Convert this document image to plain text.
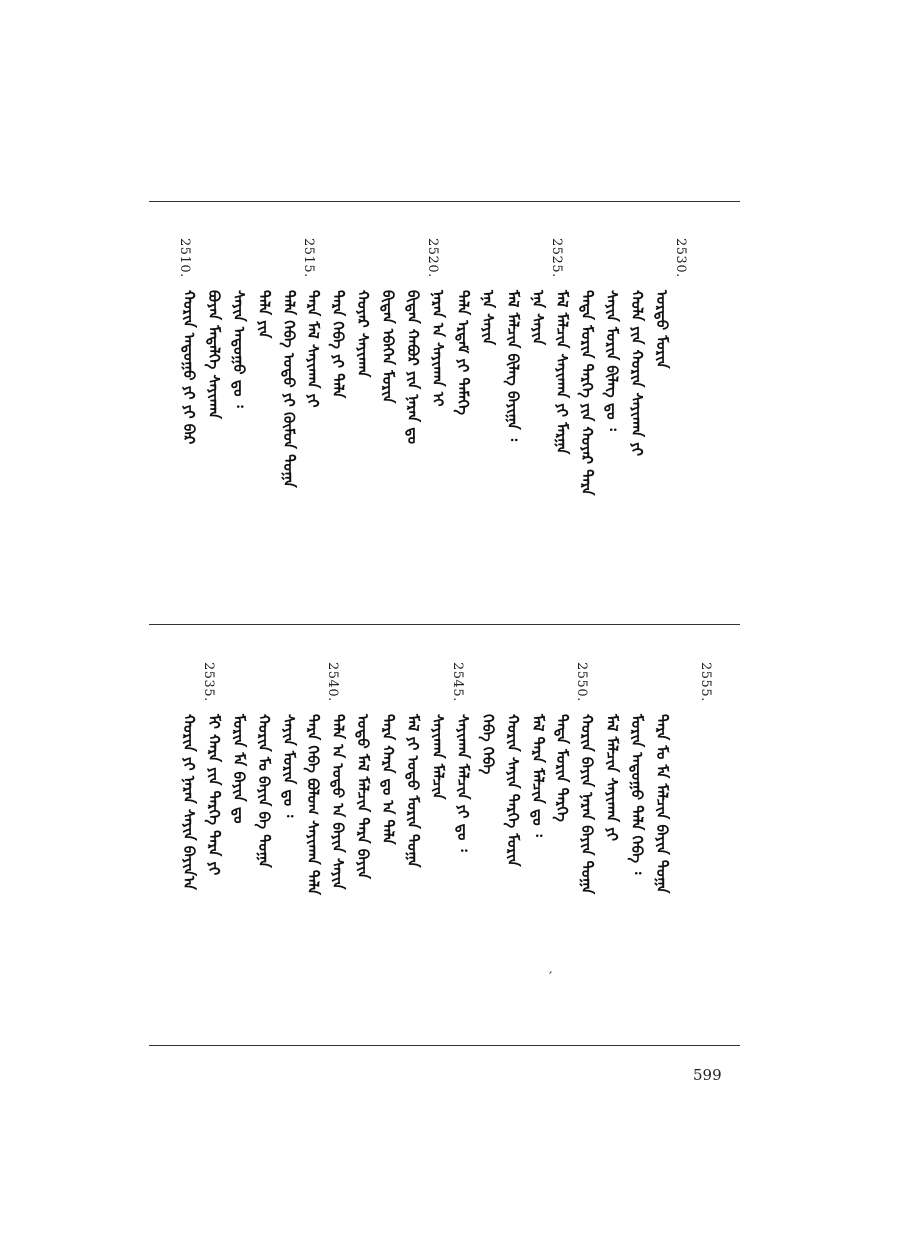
2510.	2515.	2520.	2525.	2530.
ᠬᠣᠷᠢᠨ ᠠᠳᠤᠭᠤ ᠶᠢ ᠶᠢ ᠪᠠᠷ ᠪᠣᠶᠠᠨ ᠮᠡᠳᠡᠯᠭᠡ ᠰᠠᠶᠢᠬᠠᠨ ᠰᠠᠶᠢᠨ ᠠᠳᠤᠭᠤ ᠳᠤ ᠄ ᠲᠠᠯᠠ ᠶᠢᠨ ᠲᠠᠯᠠ ᠬᠡᠪᠡ ᠣᠳᠣ ᠶᠢ ᠬᠦᠮᠦᠨ ᠲᠣᠭᠠ ᠲᠡᠷᠡ ᠮᠠᠯ ᠰᠠᠶᠢᠬᠠᠨ ᠶᠢ ᠲᠡᠷᠡ ᠬᠡᠪᠡ ᠶᠢ ᠲᠠᠯᠠ ᠬᠣᠶᠠᠷ ᠰᠠᠶᠢᠬᠠᠨ ᠪᠢᠳᠡᠨ ᠡᠪᠡᠭᠡᠨ ᠮᠣᠷᠢᠨ ᠪᠢᠳᠡᠨ ᠬᠠᠪᠤᠷ ᠶᠢᠨ ᠨᠠᠷᠠᠨ ᠳᠤ ᠨᠠᠷᠠᠨ ᠠ ᠰᠠᠶᠢᠬᠠᠨ ᠢ ᠲᠡᠯᠡ ᠡᠷᠳᠡᠮ ᠶᠢ ᠲᠡᠮᠡᠭᠡ ᠡᠨᠡ ᠰᠠᠶᠢᠨ ᠮᠠᠯ ᠮᠠᠯᠴᠢᠨ ᠪᠢᠯᠡᠭ ᠪᠠᠶᠢᠭᠠ ᠄ ᠡᠨᠡ ᠰᠠᠶᠢᠨ ᠮᠠᠯ ᠮᠠᠯᠴᠢᠨ ᠰᠠᠶᠢᠬᠠᠨ ᠶᠢ ᠮᠠᠷᠭᠠ ᠲᠡᠳᠡ ᠮᠣᠷᠢᠨ ᠲᠡᠷᠭᠡ ᠶᠢᠨ ᠬᠣᠶᠠᠷ ᠲᠡᠷᠡ ᠰᠠᠶᠢᠨ ᠮᠣᠷᠢᠨ ᠪᠢᠯᠡᠭ ᠳᠤ ᠄ ᠬᠣᠯᠠ ᠶᠢᠨ ᠬᠣᠷᠢᠨ ᠰᠠᠶᠢᠬᠠᠨ ᠶᠢ ᠣᠷᠳᠤ ᠮᠣᠷᠢᠨ
2535.	2540.	2545.	2550.	2555.
ᠬᠣᠷᠢᠨ ᠶᠢ ᠨᠠᠷᠠᠨ ᠰᠠᠶᠢᠨ ᠪᠠᠶᠢᠨ᠎ᠠ ᠮᠢ ᠬᠠᠷᠠ ᠶᠢᠨ ᠲᠡᠷᠭᠡ ᠲᠡᠷᠡ ᠶᠢ ᠮᠣᠷᠢᠨ ᠮᠠ ᠪᠠᠶᠢᠨ ᠳᠤ ᠬᠣᠷᠢᠨ ᠮᠣ ᠪᠠᠶᠢᠨ ᠪᠠ ᠲᠣᠭᠠ ᠰᠠᠶᠢᠨ ᠮᠣᠷᠢᠨ ᠳᠤ ᠄ ᠲᠡᠷᠡ ᠬᠡᠪᠡ ᠪᠤᠯᠤᠭ ᠰᠠᠶᠢᠬᠠᠨ ᠲᠠᠯᠠ ᠲᠠᠯᠠ ᠠ ᠣᠳᠣ ᠠ ᠪᠠᠶᠢᠨ ᠰᠠᠶᠢᠨ ᠣᠳᠣ ᠮᠠᠯ ᠮᠠᠯᠴᠢᠨ ᠲᠡᠷᠡ ᠪᠠᠶᠢᠨ ᠲᠡᠷᠡ ᠬᠠᠷᠠ ᠳᠤ ᠠ ᠲᠠᠯᠠ ᠮᠠᠯ ᠶᠢ ᠣᠳᠣ ᠮᠣᠷᠢᠨ ᠲᠣᠭᠠ ᠰᠠᠶᠢᠬᠠᠨ ᠮᠠᠯᠴᠢᠨ ᠰᠠᠶᠢᠬᠠᠨ ᠮᠠᠯᠴᠢᠨ ᠶᠢ ᠳᠤ ᠄ ᠬᠡᠪᠡ ᠬᠡᠪᠡ ᠬᠣᠷᠢᠨ ᠰᠠᠶᠢᠨ ᠲᠡᠷᠭᠡ ᠮᠣᠷᠢᠨ ᠮᠠᠯ ᠲᠡᠷᠡ ᠮᠠᠯᠴᠢᠨ ᠳᠤ ᠄ ᠲᠡᠳᠡ ᠮᠣᠷᠢᠨ ᠲᠡᠷᠭᠡ ᠬᠣᠷᠢᠨ ᠪᠠᠶᠢᠨ ᠨᠠᠷᠠᠨ ᠪᠠᠶᠢᠨ ᠲᠣᠭᠠ ᠮᠠᠯ ᠮᠠᠯᠴᠢᠨ ᠰᠠᠶᠢᠬᠠᠨ ᠶᠢ ᠮᠣᠷᠢᠨ ᠠᠳᠤᠭᠤ ᠲᠠᠯᠠ ᠬᠡᠪᠡ ᠄ ᠲᠡᠷᠡ ᠮᠣ ᠮᠠ ᠮᠠᠯᠴᠢᠨ ᠪᠠᠶᠢᠨ ᠲᠣᠭᠠ
′
599
